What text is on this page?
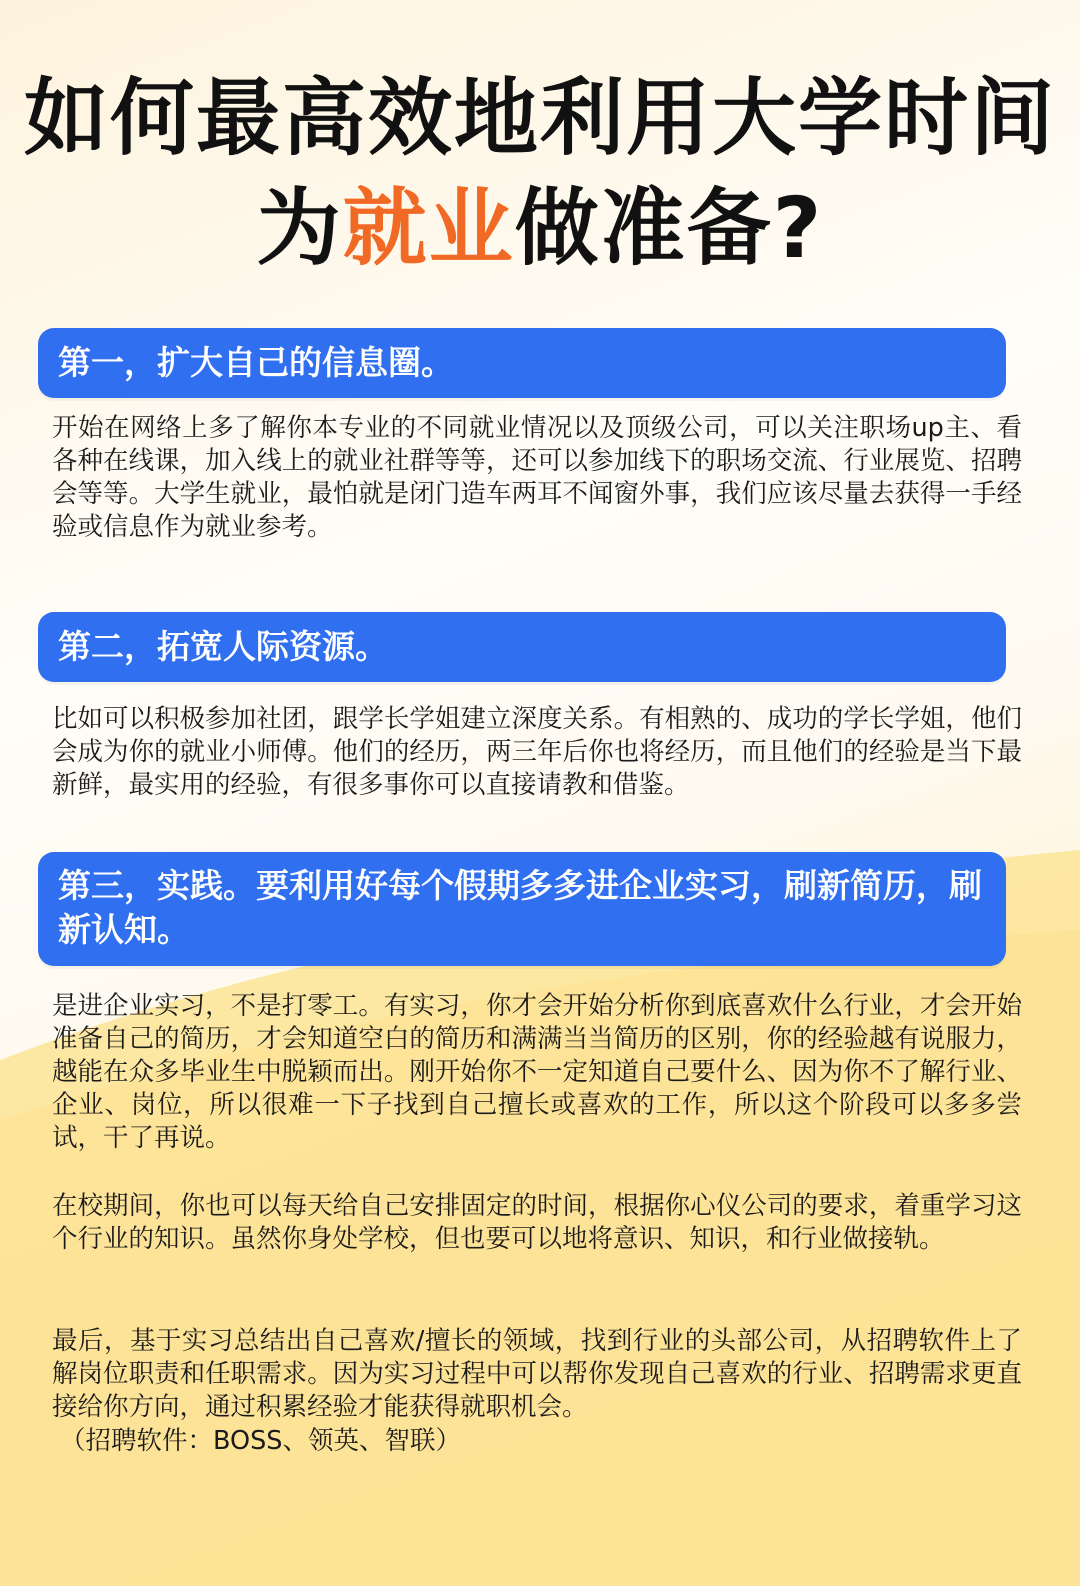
如何最高效地利用大学时间
为就业做准备?
第一，扩大自己的信息圈。

开始在网络上多了解你本专业的不同就业情况以及顶级公司，可以关注职场up主、看各种在线课，加入线上的就业社群等等，还可以参加线下的职场交流、行业展览、招聘会等等。大学生就业，最怕就是闭门造车两耳不闻窗外事，我们应该尽量去获得一手经验或信息作为就业参考。

第二，拓宽人际资源。

比如可以积极参加社团，跟学长学姐建立深度关系。有相熟的、成功的学长学姐，他们会成为你的就业小师傅。他们的经历，两三年后你也将经历，而且他们的经验是当下最新鲜，最实用的经验，有很多事你可以直接请教和借鉴。

第三，实践。要利用好每个假期多多进企业实习，刷新简历，刷新认知。

是进企业实习，不是打零工。有实习，你才会开始分析你到底喜欢什么行业，才会开始准备自己的简历，才会知道空白的简历和满满当当简历的区别，你的经验越有说服力，越能在众多毕业生中脱颖而出。刚开始你不一定知道自己要什么、因为你不了解行业、企业、岗位，所以很难一下子找到自己擅长或喜欢的工作，所以这个阶段可以多多尝试，干了再说。

在校期间，你也可以每天给自己安排固定的时间，根据你心仪公司的要求，着重学习这个行业的知识。虽然你身处学校，但也要可以地将意识、知识，和行业做接轨。

最后，基于实习总结出自己喜欢/擅长的领域，找到行业的头部公司，从招聘软件上了解岗位职责和任职需求。因为实习过程中可以帮你发现自己喜欢的行业、招聘需求更直接给你方向，通过积累经验才能获得就职机会。

（招聘软件：BOSS、领英、智联）
